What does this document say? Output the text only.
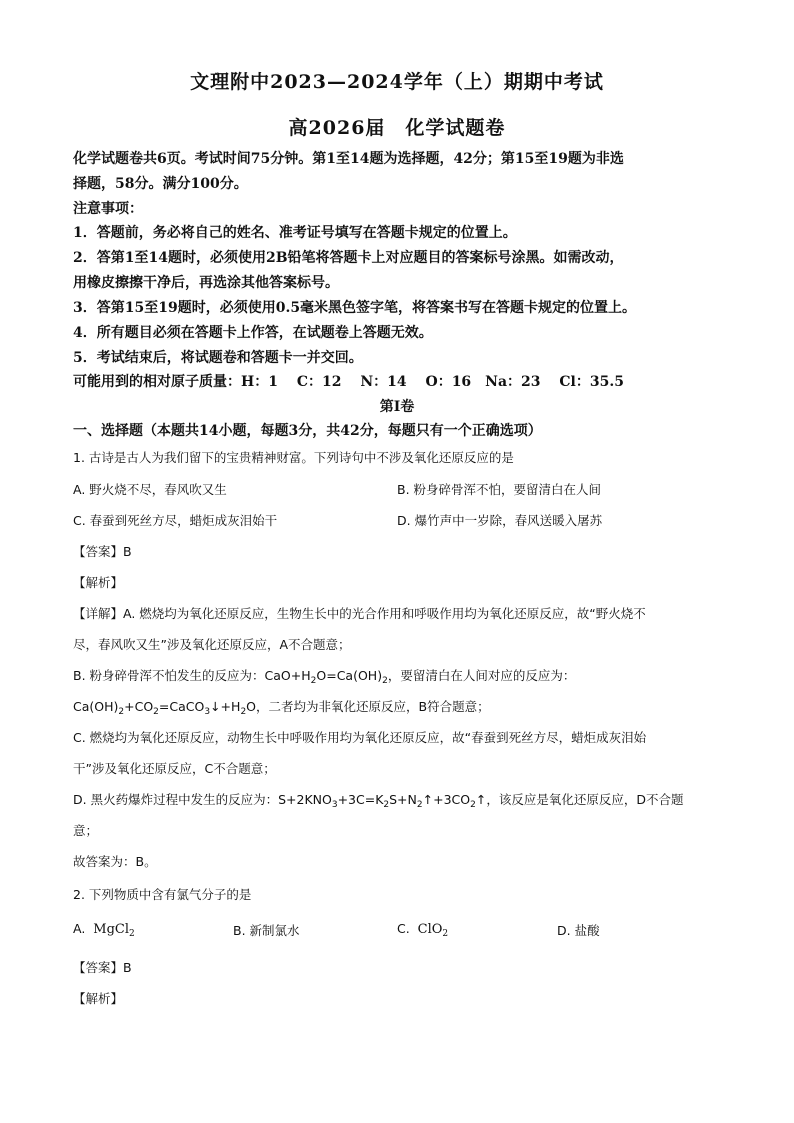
文理附中2023—2024学年（上）期期中考试
高2026届　化学试题卷
化学试题卷共6页。考试时间75分钟。第1至14题为选择题，42分；第15至19题为非选
择题，58分。满分100分。
注意事项：
1．答题前，务必将自己的姓名、准考证号填写在答题卡规定的位置上。
2．答第1至14题时，必须使用2B铅笔将答题卡上对应题目的答案标号涂黑。如需改动，
用橡皮擦擦干净后，再选涂其他答案标号。
3．答第15至19题时，必须使用0.5毫米黑色签字笔，将答案书写在答题卡规定的位置上。
4．所有题目必须在答题卡上作答，在试题卷上答题无效。
5．考试结束后，将试题卷和答题卡一并交回。
可能用到的相对原子质量：H：1　 C：12　 N：14　 O：16　Na：23　 Cl：35.5
第Ⅰ卷
一、选择题（本题共14小题，每题3分，共42分，每题只有一个正确选项）
1. 古诗是古人为我们留下的宝贵精神财富。下列诗句中不涉及氧化还原反应的是
A. 野火烧不尽，春风吹又生	B. 粉身碎骨浑不怕，要留清白在人间
C. 春蚕到死丝方尽，蜡炬成灰泪始干	D. 爆竹声中一岁除，春风送暖入屠苏
【答案】B
【解析】
【详解】A. 燃烧均为氧化还原反应，生物生长中的光合作用和呼吸作用均为氧化还原反应，故“野火烧不
尽，春风吹又生”涉及氧化还原反应，A不合题意；
B. 粉身碎骨浑不怕发生的反应为：$CaO+H_2O=Ca(OH)_2$，要留清白在人间对应的反应为：
$Ca(OH)_2+CO_2=CaCO_3↓+H_2O$，二者均为非氧化还原反应，B符合题意；
C. 燃烧均为氧化还原反应，动物生长中呼吸作用均为氧化还原反应，故“春蚕到死丝方尽，蜡炬成灰泪始
干”涉及氧化还原反应，C不合题意；
D. 黑火药爆炸过程中发生的反应为：$S+2KNO_3+3C=K_2S+N_2↑+3CO_2↑$，该反应是氧化还原反应，D不合题
意；
故答案为：B。
2. 下列物质中含有氯气分子的是
A. MgCl$_2$	B. 新制氯水	C. ClO$_2$	D. 盐酸
【答案】B
【解析】
